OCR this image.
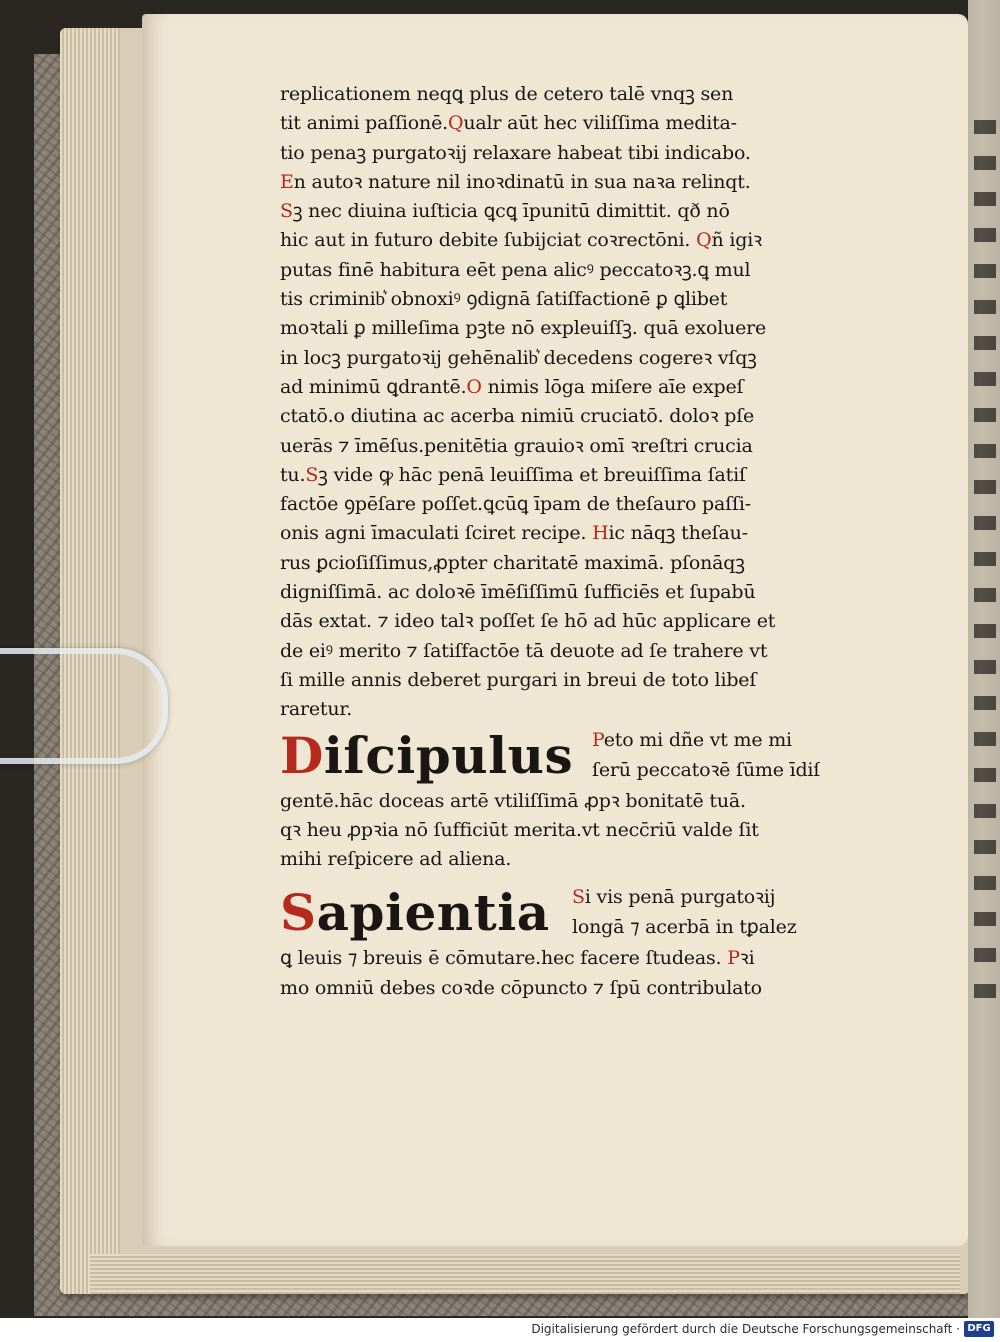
replicationem neqꝗ plus de cetero talē vnqꝫ sen
tit animi paſſionē.Qualr aūt hec viliſſima medita-
tio penaꝫ purgatoꝛij relaxare habeat tibi indicabo.
En autoꝛ nature nil inoꝛdinatū in sua naꝛa relinqt.
Sꝫ nec diuina iuſticia ꝗcꝗ īpunitū dimittit. qð nō
hic aut in futuro debite ſubijciat coꝛrectōni. Qñ igiꝛ
putas finē habitura eēt pena alicꝰ peccatoꝛꝫ.ꝗ mul
tis criminib͛ obnoxiꝰ ꝯdignā ſatiſfactionē ꝑ ꝗlibet
moꝛtali ꝑ milleſima pꝫte nō expleuiſſꝫ. quā exoluere
in locꝫ purgatoꝛij gehēnalib͛ decedens cogereꝛ vſqꝫ
ad minimū ꝗdrantē.O nimis lōga miſere aīe expeſ
ctatō.o diutina ac acerba nimiū cruciatō. doloꝛ pſe
uerās ⁊ īmēſus.penitētia grauioꝛ omī ꝛreſtri crucia
tu.Sꝫ vide ꝙ hāc penā leuiſſima et breuiſſima ſatiſ
factōe ꝯpēſare poſſet.ꝗcūꝗ īpam de theſauro paſſi-
onis agni īmaculati ſciret recipe. Hic nāqꝫ theſau-
rus ꝑcioſiſſimus,ꝓpter charitatē maximā. pſonāqꝫ
digniſſimā. ac doloꝛē īmēſiſſimū ſufficiēs et ſupabū
dās extat. ⁊ ideo talꝛ poſſet ſe hō ad hūc applicare et
de eiꝰ merito ⁊ ſatiſfactōe tā deuote ad ſe trahere vt
ſi mille annis deberet purgari in breui de toto libeſ
raretur.
Diſcipulus Peto mi dñe vt me mi
ſerū peccatoꝛē ſūme īdiſ
gentē.hāc doceas artē vtiliſſimā ꝓpꝛ bonitatē tuā.
qꝛ heu ꝓpꝛia nō ſufficiūt merita.vt necc̄riū valde ſit
mihi reſpicere ad aliena.
Sapientia Si vis penā purgatoꝛij
longā ⁊ acerbā in tꝑalez
ꝗ leuis ⁊ breuis ē cōmutare.hec facere ſtudeas. Pꝛi
mo omniū debes coꝛde cōpuncto ⁊ ſpū contribulato
Digitalisierung gefördert durch die Deutsche Forschungsgemeinschaft · DFG
